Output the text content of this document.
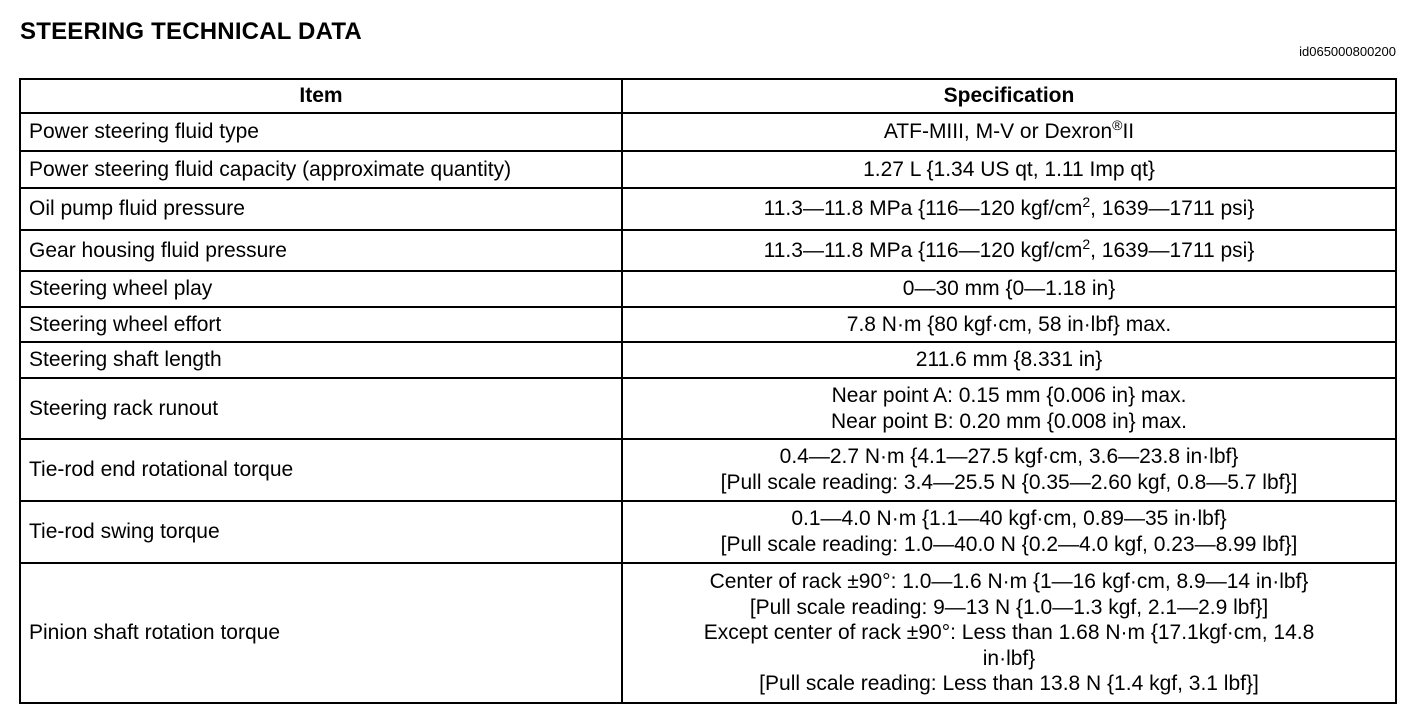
STEERING TECHNICAL DATA
id065000800200
Item	Specification
Power steering fluid type	ATF-MIII, M-V or Dexron®II
Power steering fluid capacity (approximate quantity)	1.27 L {1.34 US qt, 1.11 Imp qt}
Oil pump fluid pressure	11.3—11.8 MPa {116—120 kgf/$cm^2$, 1639—1711 psi}
Gear housing fluid pressure	11.3—11.8 MPa {116—120 kgf/$cm^2$, 1639—1711 psi}
Steering wheel play	0—30 mm {0—1.18 in}
Steering wheel effort	7.8 N·m {80 kgf·cm, 58 in·lbf} max.
Steering shaft length	211.6 mm {8.331 in}
Steering rack runout	Near point A: 0.15 mm {0.006 in} max.
Near point B: 0.20 mm {0.008 in} max.

Tie-rod end rotational torque	0.4—2.7 N·m {4.1—27.5 kgf·cm, 3.6—23.8 in·lbf}
[Pull scale reading: 3.4—25.5 N {0.35—2.60 kgf, 0.8—5.7 lbf}]

Tie-rod swing torque	0.1—4.0 N·m {1.1—40 kgf·cm, 0.89—35 in·lbf}
[Pull scale reading: 1.0—40.0 N {0.2—4.0 kgf, 0.23—8.99 lbf}]

Pinion shaft rotation torque	Center of rack ±90°: 1.0—1.6 N·m {1—16 kgf·cm, 8.9—14 in·lbf}
[Pull scale reading: 9—13 N {1.0—1.3 kgf, 2.1—2.9 lbf}]
Except center of rack ±90°: Less than 1.68 N·m {17.1kgf·cm, 14.8
in·lbf}
[Pull scale reading: Less than 13.8 N {1.4 kgf, 3.1 lbf}]
